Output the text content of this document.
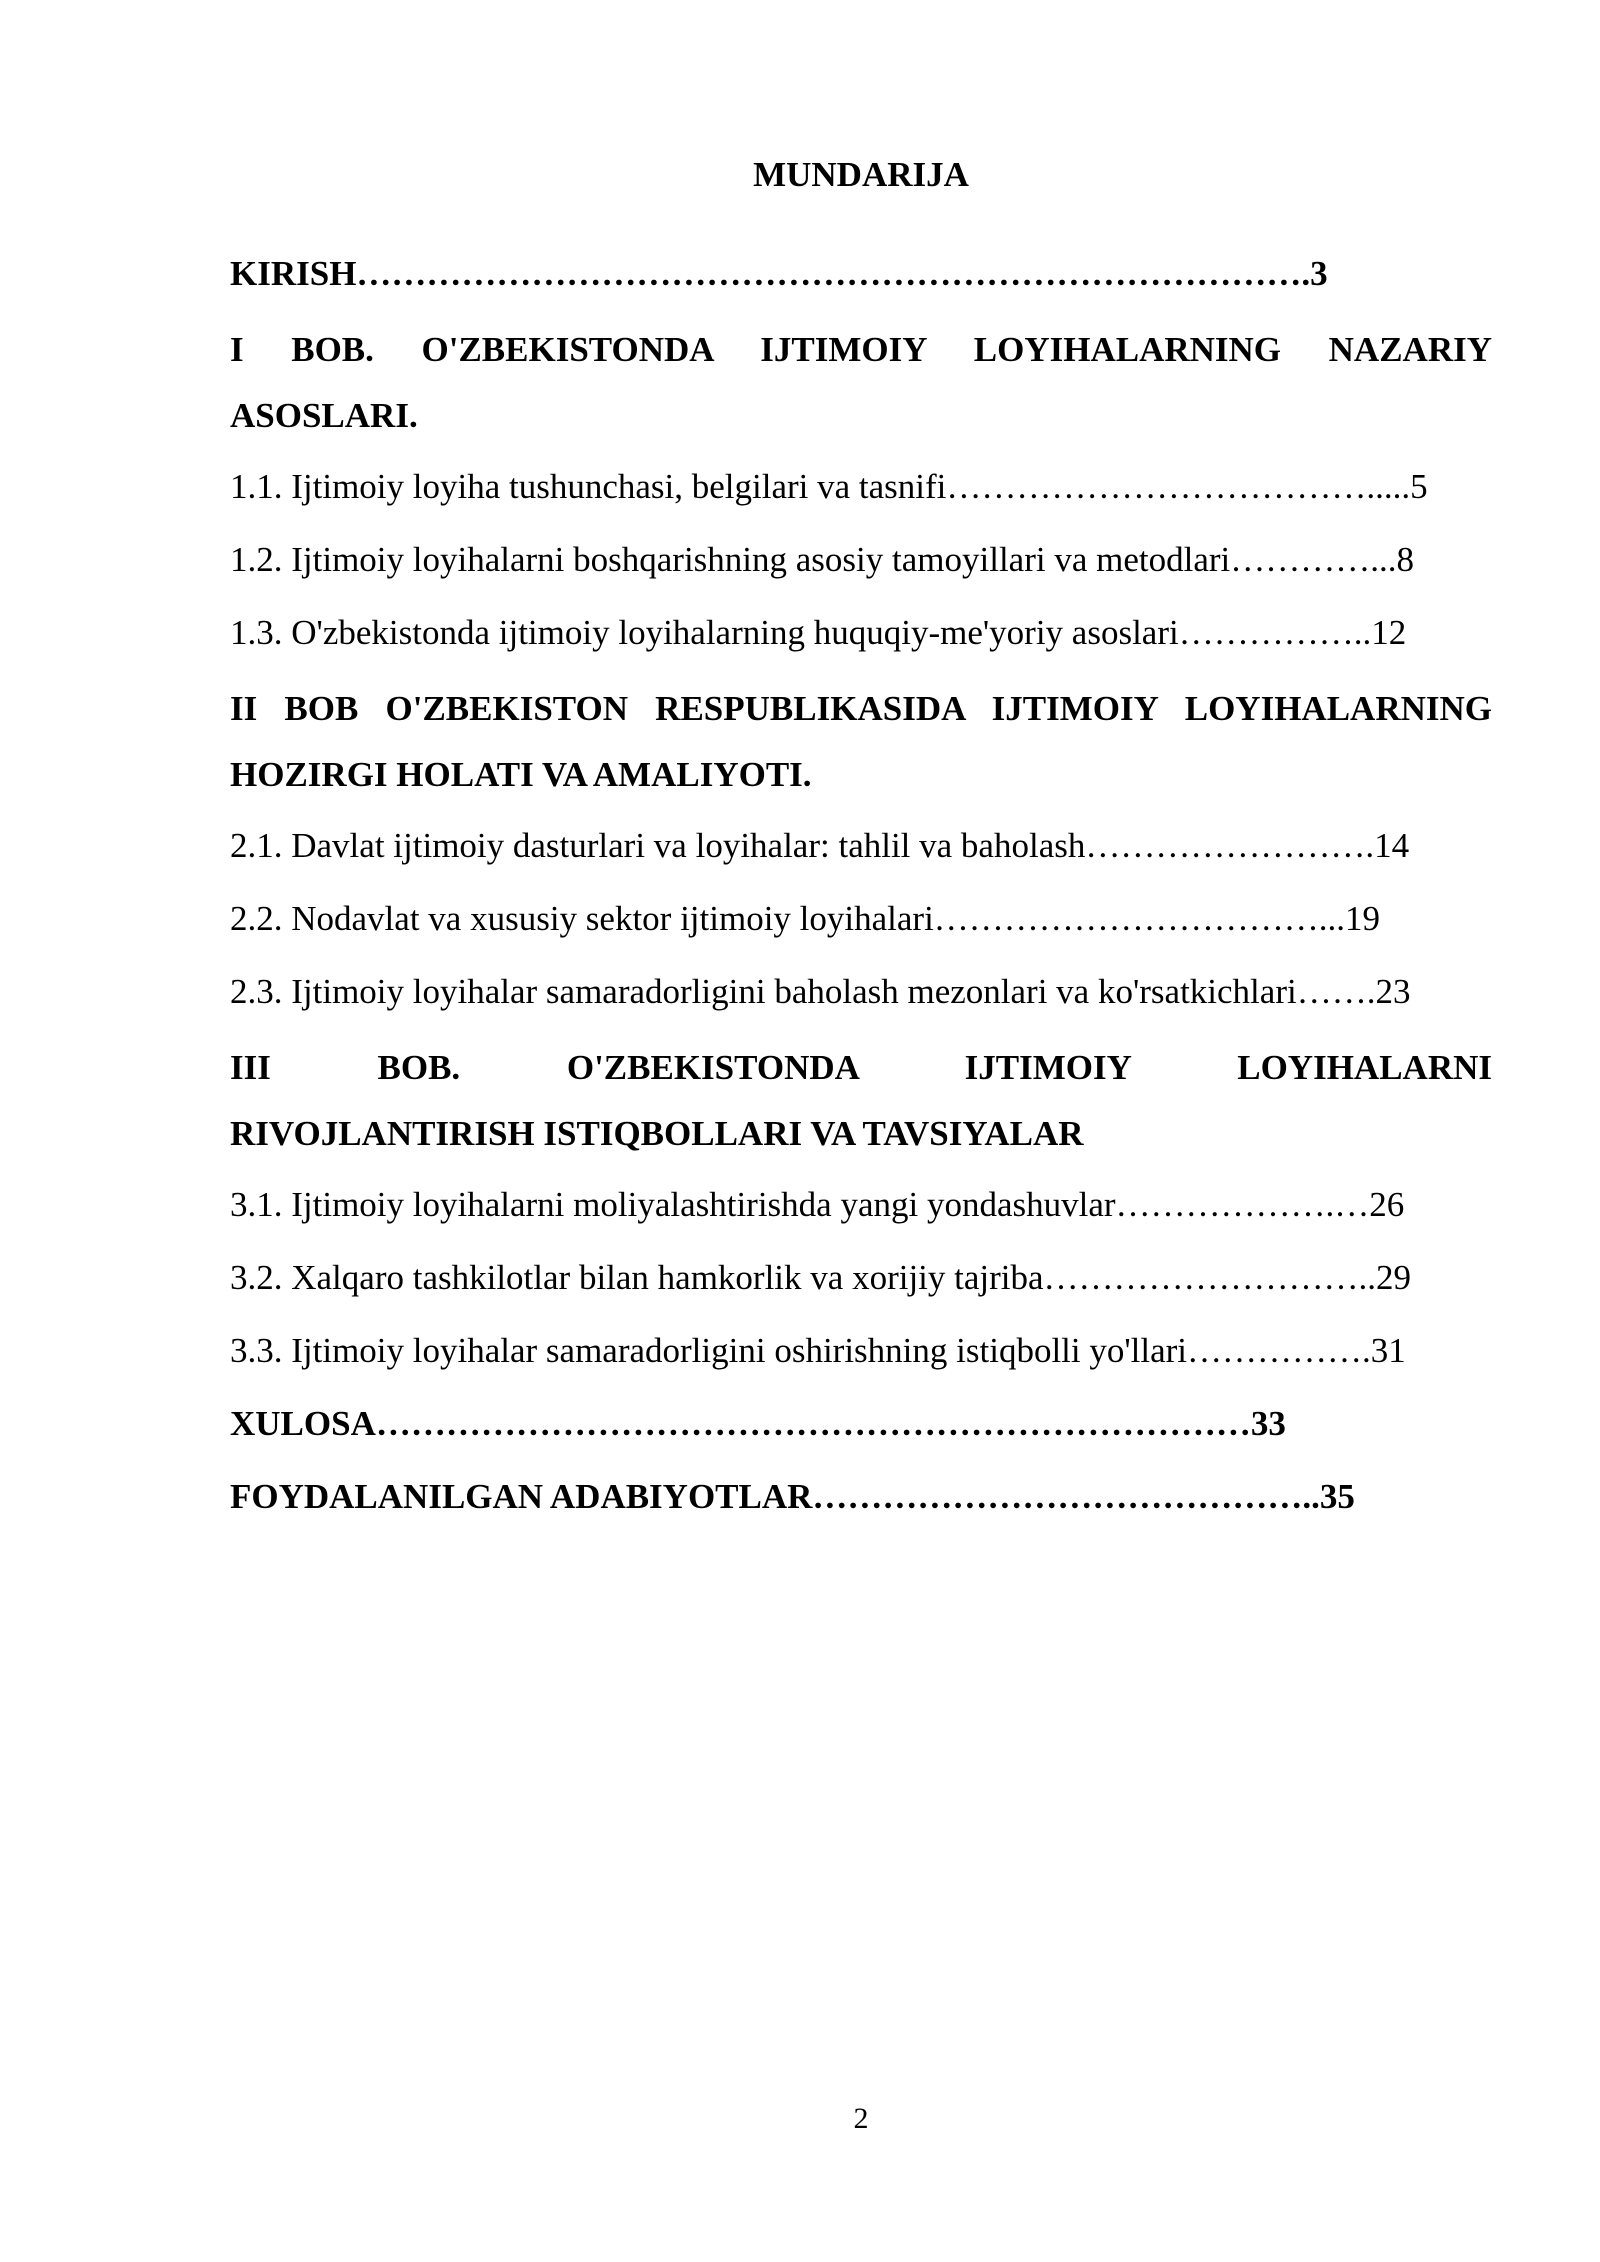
MUNDARIJA
KIRISH……………………………………………………………………….3
I BOB. O'ZBEKISTONDA IJTIMOIY LOYIHALARNING NAZARIY
ASOSLARI.
1.1. Ijtimoiy loyiha tushunchasi, belgilari va tasnifi……………………………….....5
1.2. Ijtimoiy loyihalarni boshqarishning asosiy tamoyillari va metodlari…………...8
1.3. O'zbekistonda ijtimoiy loyihalarning huquqiy-me'yoriy asoslari……………..12
II BOB O'ZBEKISTON RESPUBLIKASIDA IJTIMOIY LOYIHALARNING
HOZIRGI HOLATI VA AMALIYOTI.
2.1. Davlat ijtimoiy dasturlari va loyihalar: tahlil va baholash…………………….14
2.2. Nodavlat va xususiy sektor ijtimoiy loyihalari……………………………...19
2.3. Ijtimoiy loyihalar samaradorligini baholash mezonlari va ko'rsatkichlari…….23
III BOB. O'ZBEKISTONDA IJTIMOIY LOYIHALARNI
RIVOJLANTIRISH ISTIQBOLLARI VA TAVSIYALAR
3.1. Ijtimoiy loyihalarni moliyalashtirishda yangi yondashuvlar……………….…26
3.2. Xalqaro tashkilotlar bilan hamkorlik va xorijiy tajriba………………………..29
3.3. Ijtimoiy loyihalar samaradorligini oshirishning istiqbolli yo'llari…………….31
XULOSA…………………………………………………………………33
FOYDALANILGAN ADABIYOTLAR……………………………………..35
2
